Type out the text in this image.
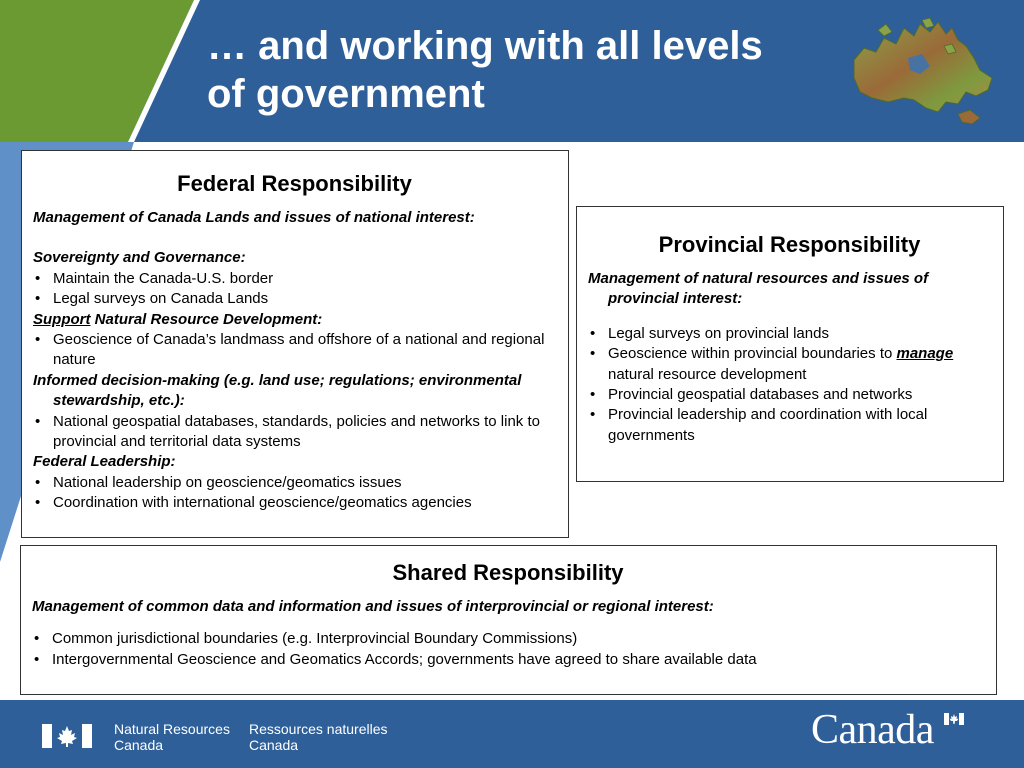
… and working with all levels
of government
Federal Responsibility

Management of Canada Lands and issues of national interest:

Sovereignty and Governance:

• Maintain the Canada-U.S. border
• Legal surveys on Canada Lands

Support Natural Resource Development:

• Geoscience of Canada’s landmass and offshore of a national and regional nature

Informed decision-making (e.g. land use; regulations; environmental stewardship, etc.):

• National geospatial databases, standards, policies and networks to link to provincial and territorial data systems

Federal Leadership:

• National leadership on geoscience/geomatics issues
• Coordination with international geoscience/geomatics agencies
Provincial Responsibility

Management of natural resources and issues of provincial interest:

• Legal surveys on provincial lands
• Geoscience within provincial boundaries to manage natural resource development
• Provincial geospatial databases and networks
• Provincial leadership and coordination with local governments
Shared Responsibility

Management of common data and information and issues of interprovincial or regional interest:

• Common jurisdictional boundaries (e.g. Interprovincial Boundary Commissions)
• Intergovernmental Geoscience and Geomatics Accords; governments have agreed to share available data
Natural Resources
Canada
Ressources naturelles
Canada	Canada
